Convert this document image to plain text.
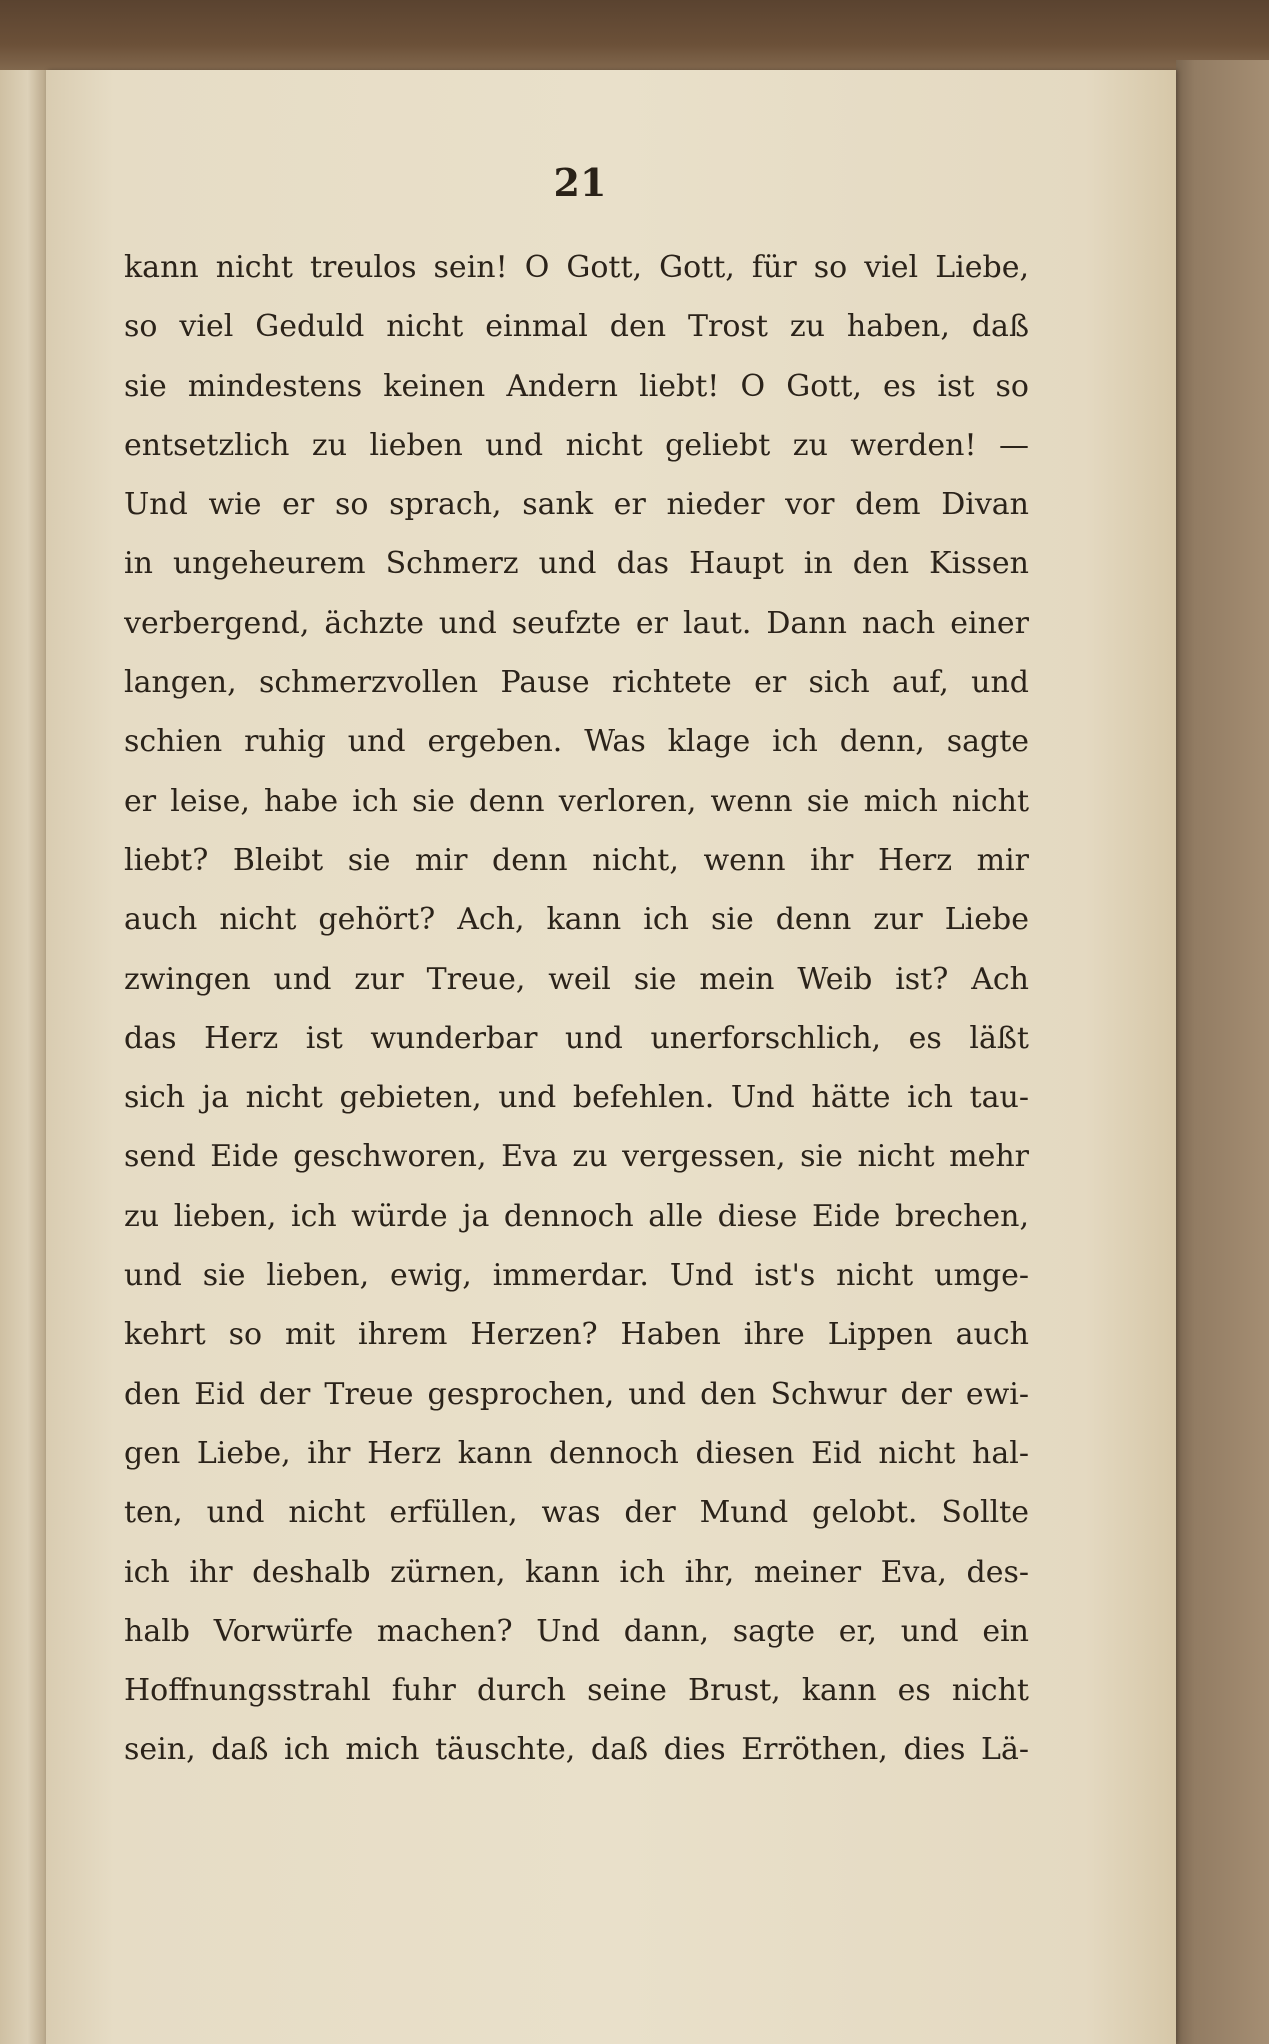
21
kann nicht treulos sein! O Gott, Gott, für so viel Liebe,
so viel Geduld nicht einmal den Trost zu haben, daß
sie mindestens keinen Andern liebt! O Gott, es ist so
entsetzlich zu lieben und nicht geliebt zu werden! —
Und wie er so sprach, sank er nieder vor dem Divan
in ungeheurem Schmerz und das Haupt in den Kissen
verbergend, ächzte und seufzte er laut. Dann nach einer
langen, schmerzvollen Pause richtete er sich auf, und
schien ruhig und ergeben. Was klage ich denn, sagte
er leise, habe ich sie denn verloren, wenn sie mich nicht
liebt? Bleibt sie mir denn nicht, wenn ihr Herz mir
auch nicht gehört? Ach, kann ich sie denn zur Liebe
zwingen und zur Treue, weil sie mein Weib ist? Ach
das Herz ist wunderbar und unerforschlich, es läßt
sich ja nicht gebieten, und befehlen. Und hätte ich tau-
send Eide geschworen, Eva zu vergessen, sie nicht mehr
zu lieben, ich würde ja dennoch alle diese Eide brechen,
und sie lieben, ewig, immerdar. Und ist's nicht umge-
kehrt so mit ihrem Herzen? Haben ihre Lippen auch
den Eid der Treue gesprochen, und den Schwur der ewi-
gen Liebe, ihr Herz kann dennoch diesen Eid nicht hal-
ten, und nicht erfüllen, was der Mund gelobt. Sollte
ich ihr deshalb zürnen, kann ich ihr, meiner Eva, des-
halb Vorwürfe machen? Und dann, sagte er, und ein
Hoffnungsstrahl fuhr durch seine Brust, kann es nicht
sein, daß ich mich täuschte, daß dies Erröthen, dies Lä-
